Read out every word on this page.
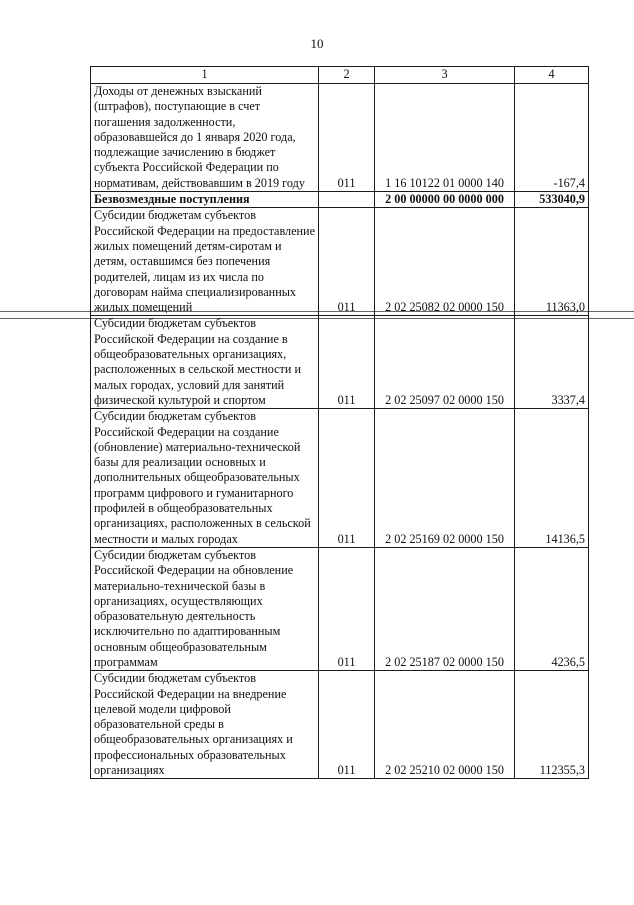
10
1	2	3	4
Доходы от денежных взысканий (штрафов), поступающие в счет погашения задолженности, образовавшейся до 1 января 2020 года, подлежащие зачислению в бюджет субъекта Российской Федерации по нормативам, действовавшим в 2019 году	011	1 16 10122 01 0000 140	-167,4
Безвозмездные поступления		2 00 00000 00 0000 000	533040,9
Субсидии бюджетам субъектов Российской Федерации на предоставление жилых помещений детям-сиротам и детям, оставшимся без попечения родителей, лицам из их числа по договорам найма специализированных жилых помещений	011	2 02 25082 02 0000 150	11363,0
Субсидии бюджетам субъектов Российской Федерации на создание в общеобразовательных организациях, расположенных в сельской местности и малых городах, условий для занятий физической культурой и спортом	011	2 02 25097 02 0000 150	3337,4
Субсидии бюджетам субъектов Российской Федерации на создание (обновление) материально-технической базы для реализации основных и дополнительных общеобразовательных программ цифрового и гуманитарного профилей в общеобразовательных организациях, расположенных в сельской местности и малых городах	011	2 02 25169 02 0000 150	14136,5
Субсидии бюджетам субъектов Российской Федерации на обновление материально-технической базы в организациях, осуществляющих образовательную деятельность исключительно по адаптированным основным общеобразовательным программам	011	2 02 25187 02 0000 150	4236,5
Субсидии бюджетам субъектов Российской Федерации на внедрение целевой модели цифровой образовательной среды в общеобразовательных организациях и профессиональных образовательных организациях	011	2 02 25210 02 0000 150	112355,3
